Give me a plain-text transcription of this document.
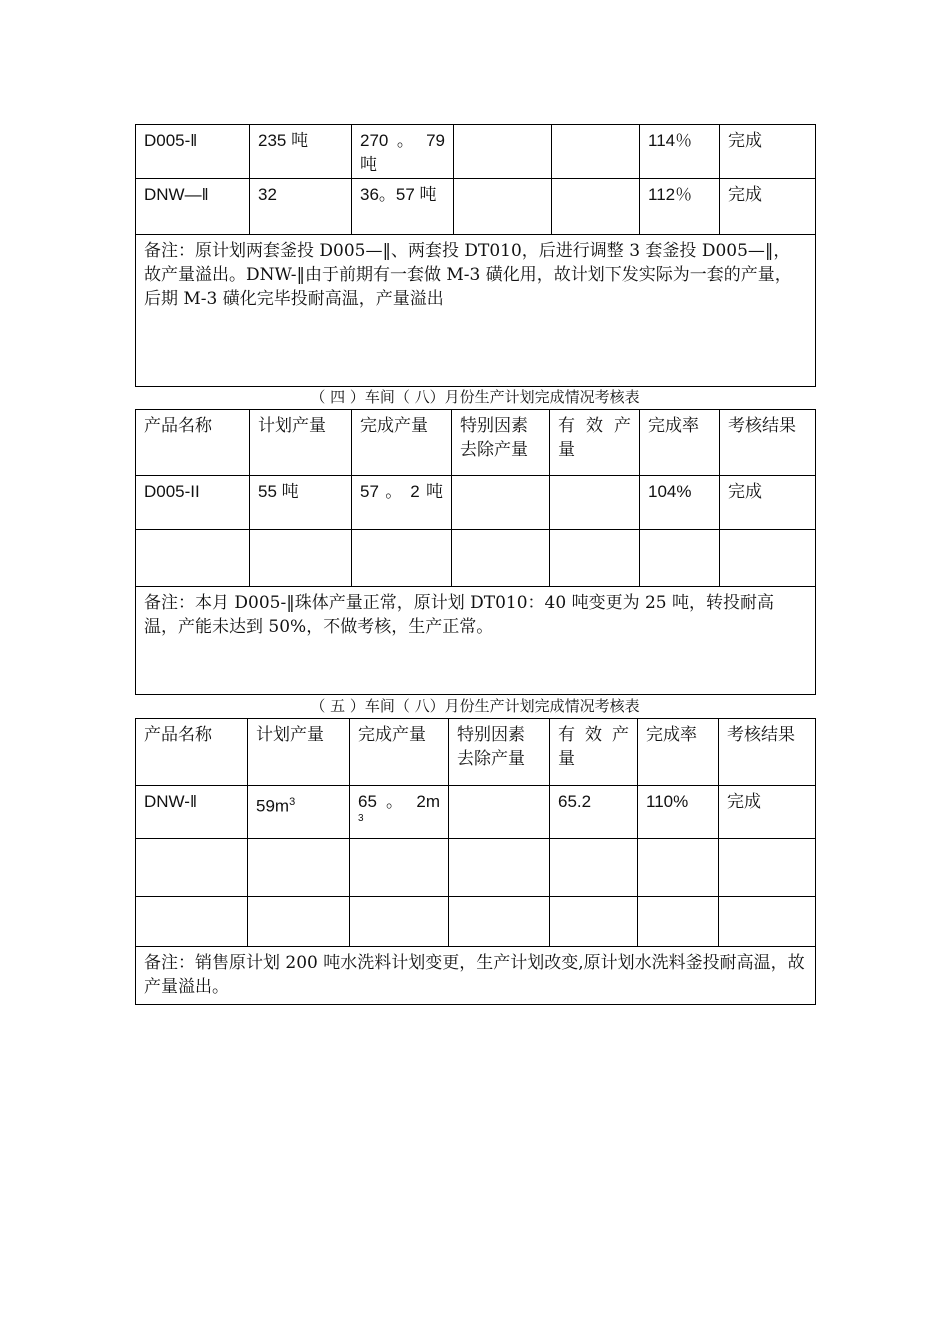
D005-‖	235 吨	270 。 79 吨			114％	完成
DNW—‖	32	36。57 吨			112％	完成
备注：原计划两套釜投 D005—‖、两套投 DT010，后进行调整 3 套釜投 D005—‖， 故产量溢出。DNW-‖由于前期有一套做 M-3 磺化用，故计划下发实际为一套的产量，后期 M-3 磺化完毕投耐高温，产量溢出						
（ 四 ）车间（ 八）月份生产计划完成情况考核表
产品名称	计划产量	完成产量	特别因素去除产量	有 效 产 量	完成率	考核结果
D005-II	55 吨	57 。 2 吨			104%	完成

备注：本月 D005-‖珠体产量正常，原计划 DT010：40 吨变更为 25 吨，转投耐高温，产能未达到 50%，不做考核，生产正常。						
（ 五 ）车间（ 八）月份生产计划完成情况考核表
产品名称	计划产量	完成产量	特别因素去除产量	有 效 产 量	完成率	考核结果
DNW-‖	$59m^3$	65 。 2m
3		65.2	110%	完成

备注：销售原计划 200 吨水洗料计划变更，生产计划改变,原计划水洗料釜投耐高温，故产量溢出。						
